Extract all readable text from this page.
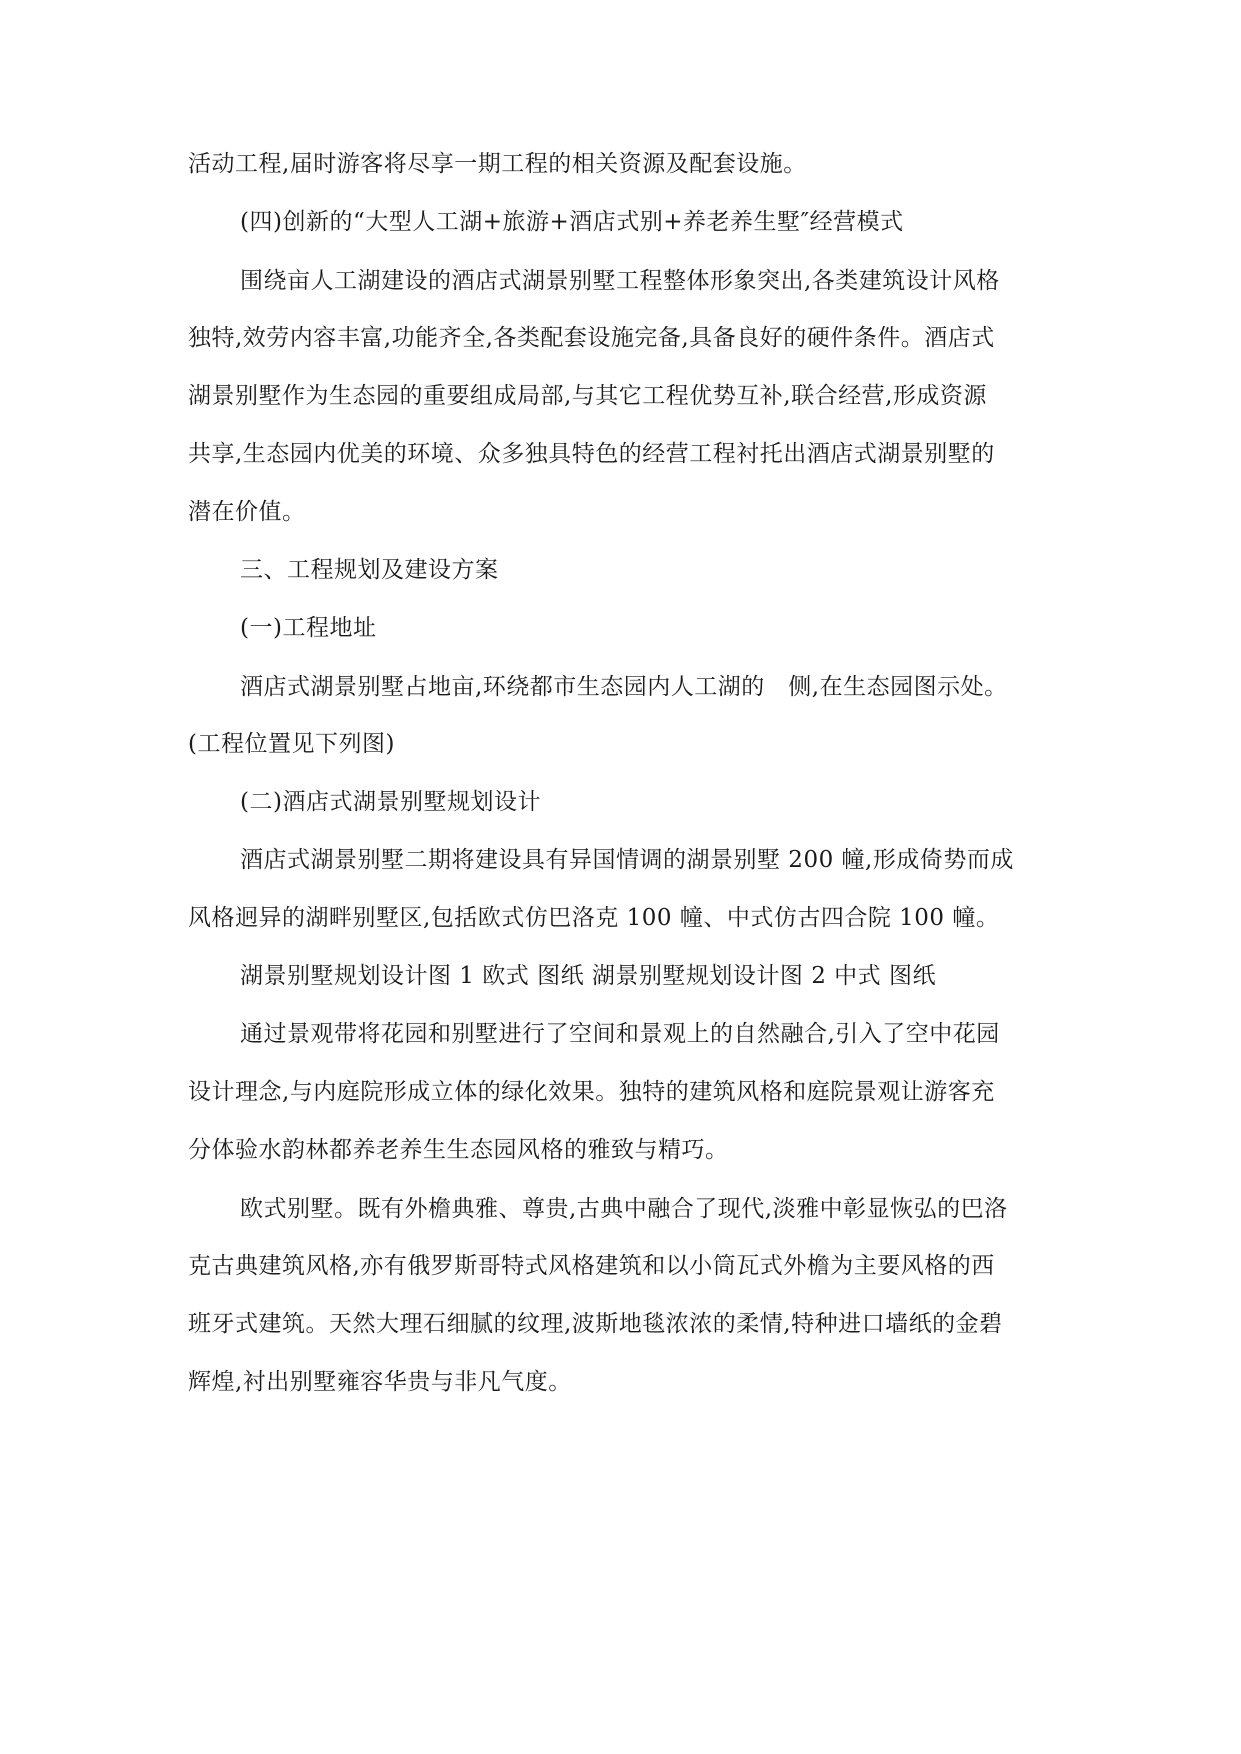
活动工程,届时游客将尽享一期工程的相关资源及配套设施。
(四)创新的“大型人工湖+旅游+酒店式别+养老养生墅″经营模式
围绕亩人工湖建设的酒店式湖景别墅工程整体形象突出,各类建筑设计风格
独特,效劳内容丰富,功能齐全,各类配套设施完备,具备良好的硬件条件。酒店式
湖景别墅作为生态园的重要组成局部,与其它工程优势互补,联合经营,形成资源
共享,生态园内优美的环境、众多独具特色的经营工程衬托出酒店式湖景别墅的
潜在价值。
三、工程规划及建设方案
(一)工程地址
酒店式湖景别墅占地亩,环绕都市生态园内人工湖的　侧,在生态园图示处。
(工程位置见下列图)
(二)酒店式湖景别墅规划设计
酒店式湖景别墅二期将建设具有异国情调的湖景别墅 200 幢,形成倚势而成
风格迥异的湖畔别墅区,包括欧式仿巴洛克 100 幢、中式仿古四合院 100 幢。
湖景别墅规划设计图 1 欧式 图纸 湖景别墅规划设计图 2 中式 图纸
通过景观带将花园和别墅进行了空间和景观上的自然融合,引入了空中花园
设计理念,与内庭院形成立体的绿化效果。独特的建筑风格和庭院景观让游客充
分体验水韵林都养老养生生态园风格的雅致与精巧。
欧式别墅。既有外檐典雅、尊贵,古典中融合了现代,淡雅中彰显恢弘的巴洛
克古典建筑风格,亦有俄罗斯哥特式风格建筑和以小筒瓦式外檐为主要风格的西
班牙式建筑。天然大理石细腻的纹理,波斯地毯浓浓的柔情,特种进口墙纸的金碧
辉煌,衬出别墅雍容华贵与非凡气度。
